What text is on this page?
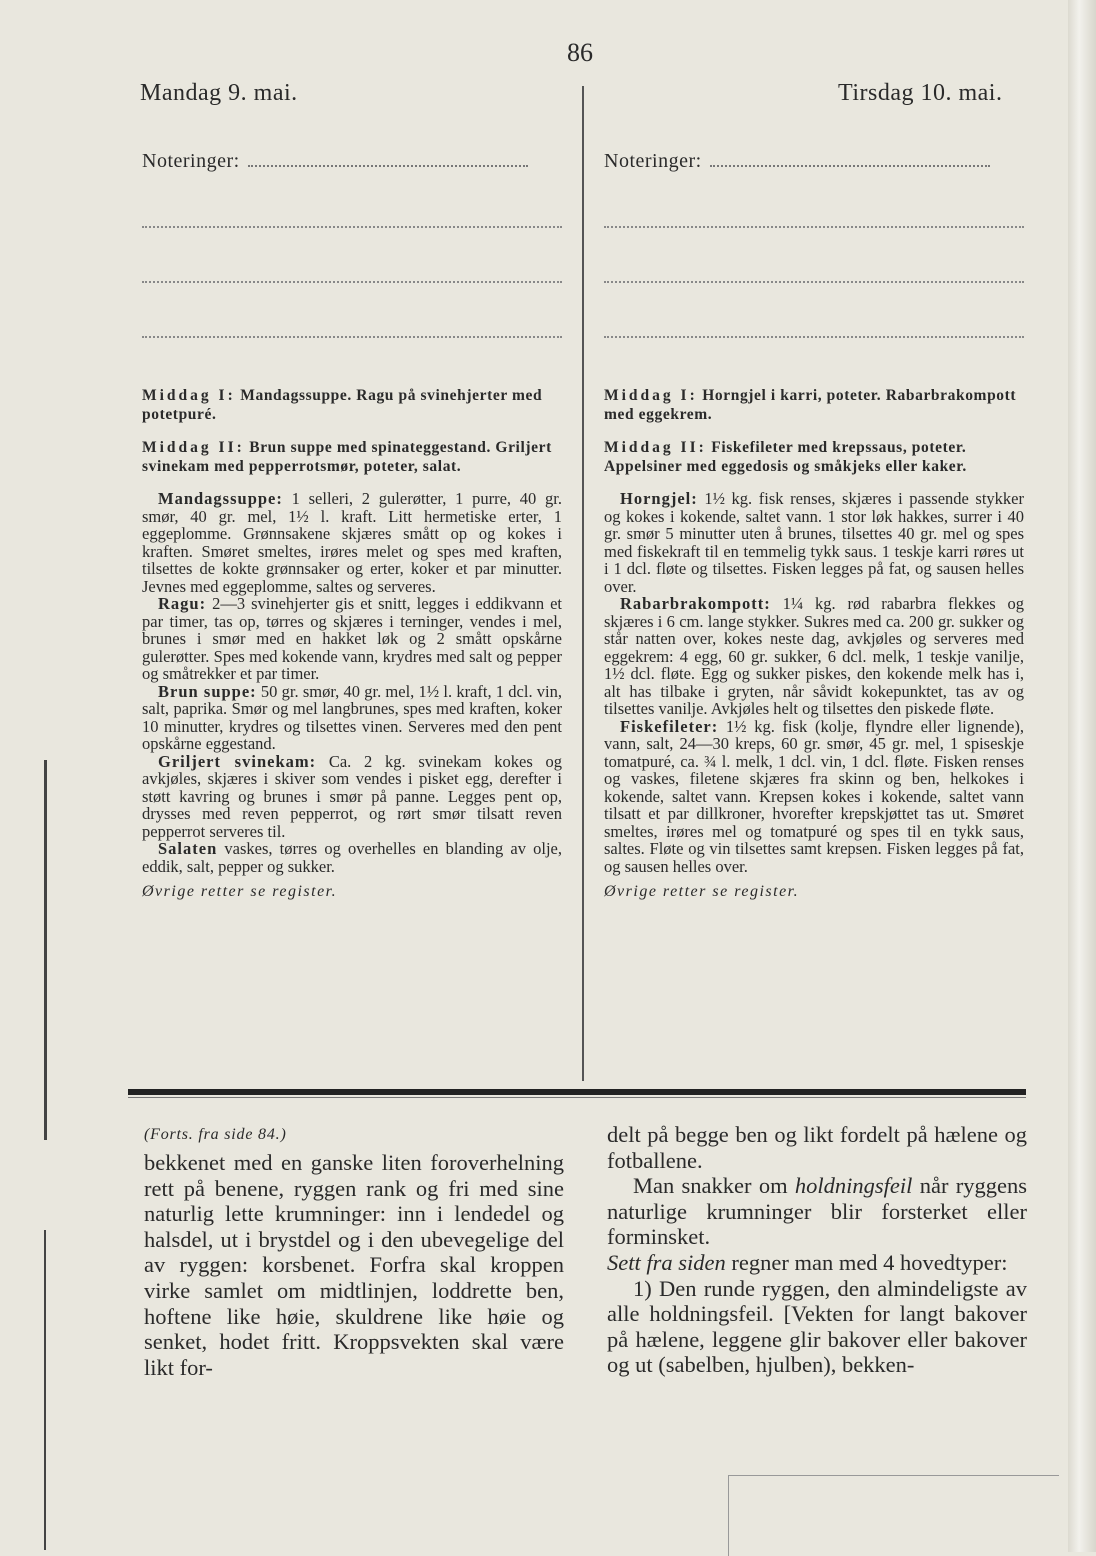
86
Mandag 9. mai.	Tirsdag 10. mai.
Noteringer:
Middag I: Mandagssuppe. Ragu på svinehjerter med potetpuré.
Middag II: Brun suppe med spinateggestand. Griljert svinekam med pepperrotsmør, poteter, salat.

Mandagssuppe: 1 selleri, 2 gulerøtter, 1 purre, 40 gr. smør, 40 gr. mel, 1½ l. kraft. Litt hermetiske erter, 1 eggeplomme. Grønnsakene skjæres smått op og kokes i kraften. Smøret smeltes, irøres melet og spes med kraften, tilsettes de kokte grønnsaker og erter, koker et par minutter. Jevnes med eggeplomme, saltes og serveres.

Ragu: 2—3 svinehjerter gis et snitt, legges i eddikvann et par timer, tas op, tørres og skjæres i terninger, vendes i mel, brunes i smør med en hakket løk og 2 smått opskårne gulerøtter. Spes med kokende vann, krydres med salt og pepper og småtrekker et par timer.

Brun suppe: 50 gr. smør, 40 gr. mel, 1½ l. kraft, 1 dcl. vin, salt, paprika. Smør og mel langbrunes, spes med kraften, koker 10 minutter, krydres og tilsettes vinen. Serveres med den pent opskårne eggestand.

Griljert svinekam: Ca. 2 kg. svinekam kokes og avkjøles, skjæres i skiver som vendes i pisket egg, derefter i støtt kavring og brunes i smør på panne. Legges pent op, drysses med reven pepperrot, og rørt smør tilsatt reven pepperrot serveres til.

Salaten vaskes, tørres og overhelles en blanding av olje, eddik, salt, pepper og sukker.

Øvrige retter se register.
Noteringer:
Middag I: Horngjel i karri, poteter. Rabarbrakompott med eggekrem.
Middag II: Fiskefileter med krepssaus, poteter. Appelsiner med eggedosis og småkjeks eller kaker.

Horngjel: 1½ kg. fisk renses, skjæres i passende stykker og kokes i kokende, saltet vann. 1 stor løk hakkes, surrer i 40 gr. smør 5 minutter uten å brunes, tilsettes 40 gr. mel og spes med fiskekraft til en temmelig tykk saus. 1 teskje karri røres ut i 1 dcl. fløte og tilsettes. Fisken legges på fat, og sausen helles over.

Rabarbrakompott: 1¼ kg. rød rabarbra flekkes og skjæres i 6 cm. lange stykker. Sukres med ca. 200 gr. sukker og står natten over, kokes neste dag, avkjøles og serveres med eggekrem: 4 egg, 60 gr. sukker, 6 dcl. melk, 1 teskje vanilje, 1½ dcl. fløte. Egg og sukker piskes, den kokende melk has i, alt has tilbake i gryten, når såvidt kokepunktet, tas av og tilsettes vanilje. Avkjøles helt og tilsettes den piskede fløte.

Fiskefileter: 1½ kg. fisk (kolje, flyndre eller lignende), vann, salt, 24—30 kreps, 60 gr. smør, 45 gr. mel, 1 spiseskje tomatpuré, ca. ¾ l. melk, 1 dcl. vin, 1 dcl. fløte. Fisken renses og vaskes, filetene skjæres fra skinn og ben, helkokes i kokende, saltet vann. Krepsen kokes i kokende, saltet vann tilsatt et par dillkroner, hvorefter krepskjøttet tas ut. Smøret smeltes, irøres mel og tomatpuré og spes til en tykk saus, saltes. Fløte og vin tilsettes samt krepsen. Fisken legges på fat, og sausen helles over.

Øvrige retter se register.
(Forts. fra side 84.)

bekkenet med en ganske liten foroverhelning rett på benene, ryggen rank og fri med sine naturlig lette krumninger: inn i lendedel og halsdel, ut i brystdel og i den ubevegelige del av ryggen: korsbenet. Forfra skal kroppen virke samlet om midtlinjen, loddrette ben, hoftene like høie, skuldrene like høie og senket, hodet fritt. Kroppsvekten skal være likt for-

delt på begge ben og likt fordelt på hælene og fotballene.

Man snakker om holdningsfeil når ryggens naturlige krumninger blir forsterket eller forminsket.

Sett fra siden regner man med 4 hovedtyper:

1) Den runde ryggen, den almindeligste av alle holdningsfeil. [Vekten for langt bakover på hælene, leggene glir bakover eller bakover og ut (sabelben, hjulben), bekken-
